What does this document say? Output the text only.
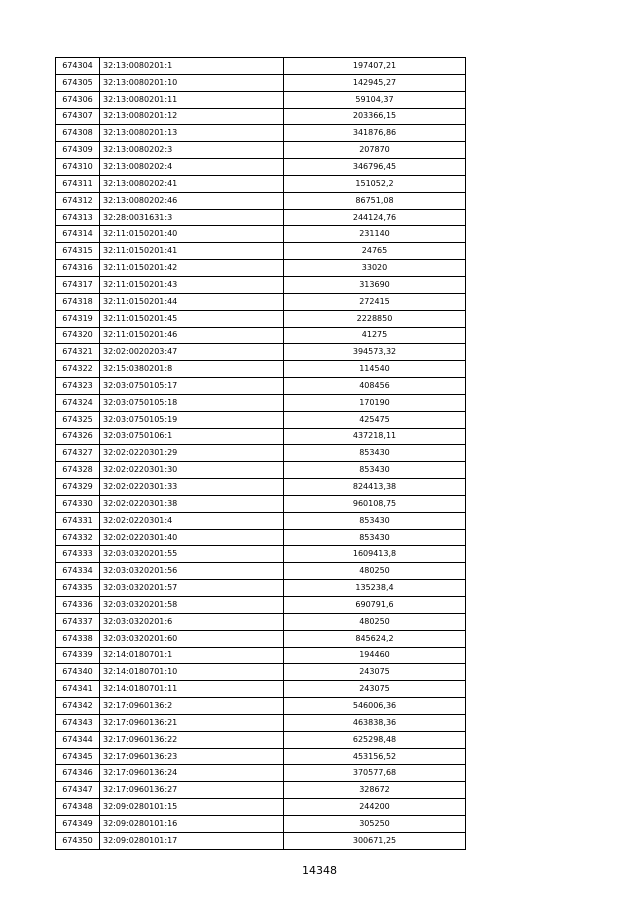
674304	32:13:0080201:1	197407,21
674305	32:13:0080201:10	142945,27
674306	32:13:0080201:11	59104,37
674307	32:13:0080201:12	203366,15
674308	32:13:0080201:13	341876,86
674309	32:13:0080202:3	207870
674310	32:13:0080202:4	346796,45
674311	32:13:0080202:41	151052,2
674312	32:13:0080202:46	86751,08
674313	32:28:0031631:3	244124,76
674314	32:11:0150201:40	231140
674315	32:11:0150201:41	24765
674316	32:11:0150201:42	33020
674317	32:11:0150201:43	313690
674318	32:11:0150201:44	272415
674319	32:11:0150201:45	2228850
674320	32:11:0150201:46	41275
674321	32:02:0020203:47	394573,32
674322	32:15:0380201:8	114540
674323	32:03:0750105:17	408456
674324	32:03:0750105:18	170190
674325	32:03:0750105:19	425475
674326	32:03:0750106:1	437218,11
674327	32:02:0220301:29	853430
674328	32:02:0220301:30	853430
674329	32:02:0220301:33	824413,38
674330	32:02:0220301:38	960108,75
674331	32:02:0220301:4	853430
674332	32:02:0220301:40	853430
674333	32:03:0320201:55	1609413,8
674334	32:03:0320201:56	480250
674335	32:03:0320201:57	135238,4
674336	32:03:0320201:58	690791,6
674337	32:03:0320201:6	480250
674338	32:03:0320201:60	845624,2
674339	32:14:0180701:1	194460
674340	32:14:0180701:10	243075
674341	32:14:0180701:11	243075
674342	32:17:0960136:2	546006,36
674343	32:17:0960136:21	463838,36
674344	32:17:0960136:22	625298,48
674345	32:17:0960136:23	453156,52
674346	32:17:0960136:24	370577,68
674347	32:17:0960136:27	328672
674348	32:09:0280101:15	244200
674349	32:09:0280101:16	305250
674350	32:09:0280101:17	300671,25
14348
